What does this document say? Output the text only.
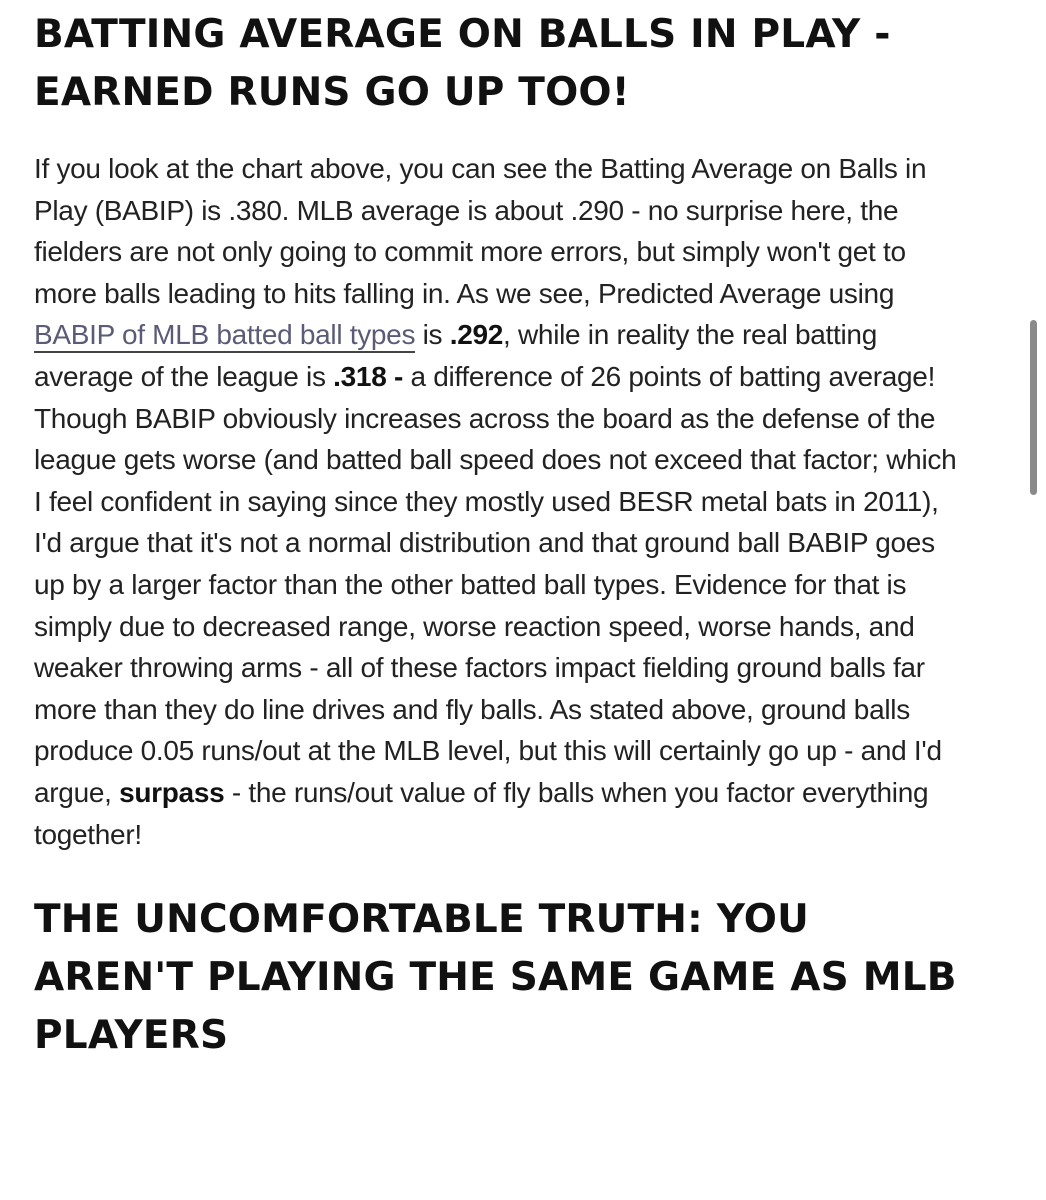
BATTING AVERAGE ON BALLS IN PLAY - EARNED RUNS GO UP TOO!

If you look at the chart above, you can see the Batting Average on Balls in Play (BABIP) is .380. MLB average is about .290 - no surprise here, the fielders are not only going to commit more errors, but simply won't get to more balls leading to hits falling in. As we see, Predicted Average using BABIP of MLB batted ball types is .292, while in reality the real batting average of the league is .318 - a difference of 26 points of batting average! Though BABIP obviously increases across the board as the defense of the league gets worse (and batted ball speed does not exceed that factor; which I feel confident in saying since they mostly used BESR metal bats in 2011), I'd argue that it's not a normal distribution and that ground ball BABIP goes up by a larger factor than the other batted ball types. Evidence for that is simply due to decreased range, worse reaction speed, worse hands, and weaker throwing arms - all of these factors impact fielding ground balls far more than they do line drives and fly balls. As stated above, ground balls produce 0.05 runs/out at the MLB level, but this will certainly go up - and I'd argue, surpass - the runs/out value of fly balls when you factor everything together!

THE UNCOMFORTABLE TRUTH: YOU AREN'T PLAYING THE SAME GAME AS MLB PLAYERS
